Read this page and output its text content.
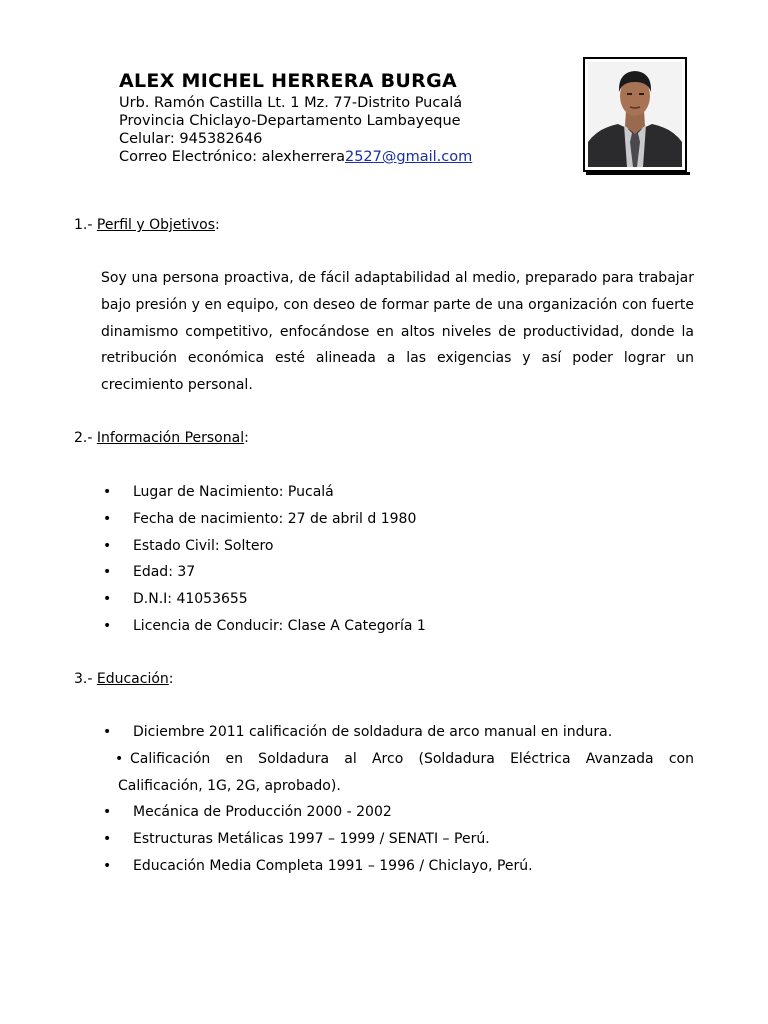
ALEX MICHEL HERRERA BURGA
Urb. Ramón Castilla Lt. 1 Mz. 77-Distrito Pucalá
Provincia Chiclayo-Departamento Lambayeque
Celular: 945382646
Correo Electrónico: alexherrera2527@gmail.com
1.- Perfil y Objetivos:
Soy una persona proactiva, de fácil adaptabilidad al medio, preparado para trabajar bajo presión y en equipo, con deseo de formar parte de una organización con fuerte dinamismo competitivo, enfocándose en altos niveles de productividad, donde la retribución económica esté alineada a las exigencias y así poder lograr un crecimiento personal.
2.- Información Personal:
• Lugar de Nacimiento: Pucalá
• Fecha de nacimiento: 27 de abril d 1980
• Estado Civil: Soltero
• Edad: 37
• D.N.I: 41053655
• Licencia de Conducir: Clase A Categoría 1
3.- Educación:
• Diciembre 2011 calificación de soldadura de arco manual en indura.
• Calificación en Soldadura al Arco (Soldadura Eléctrica Avanzada con Calificación, 1G, 2G, aprobado).
• Mecánica de Producción 2000 - 2002
• Estructuras Metálicas 1997 – 1999 / SENATI – Perú.
• Educación Media Completa 1991 – 1996 / Chiclayo, Perú.
